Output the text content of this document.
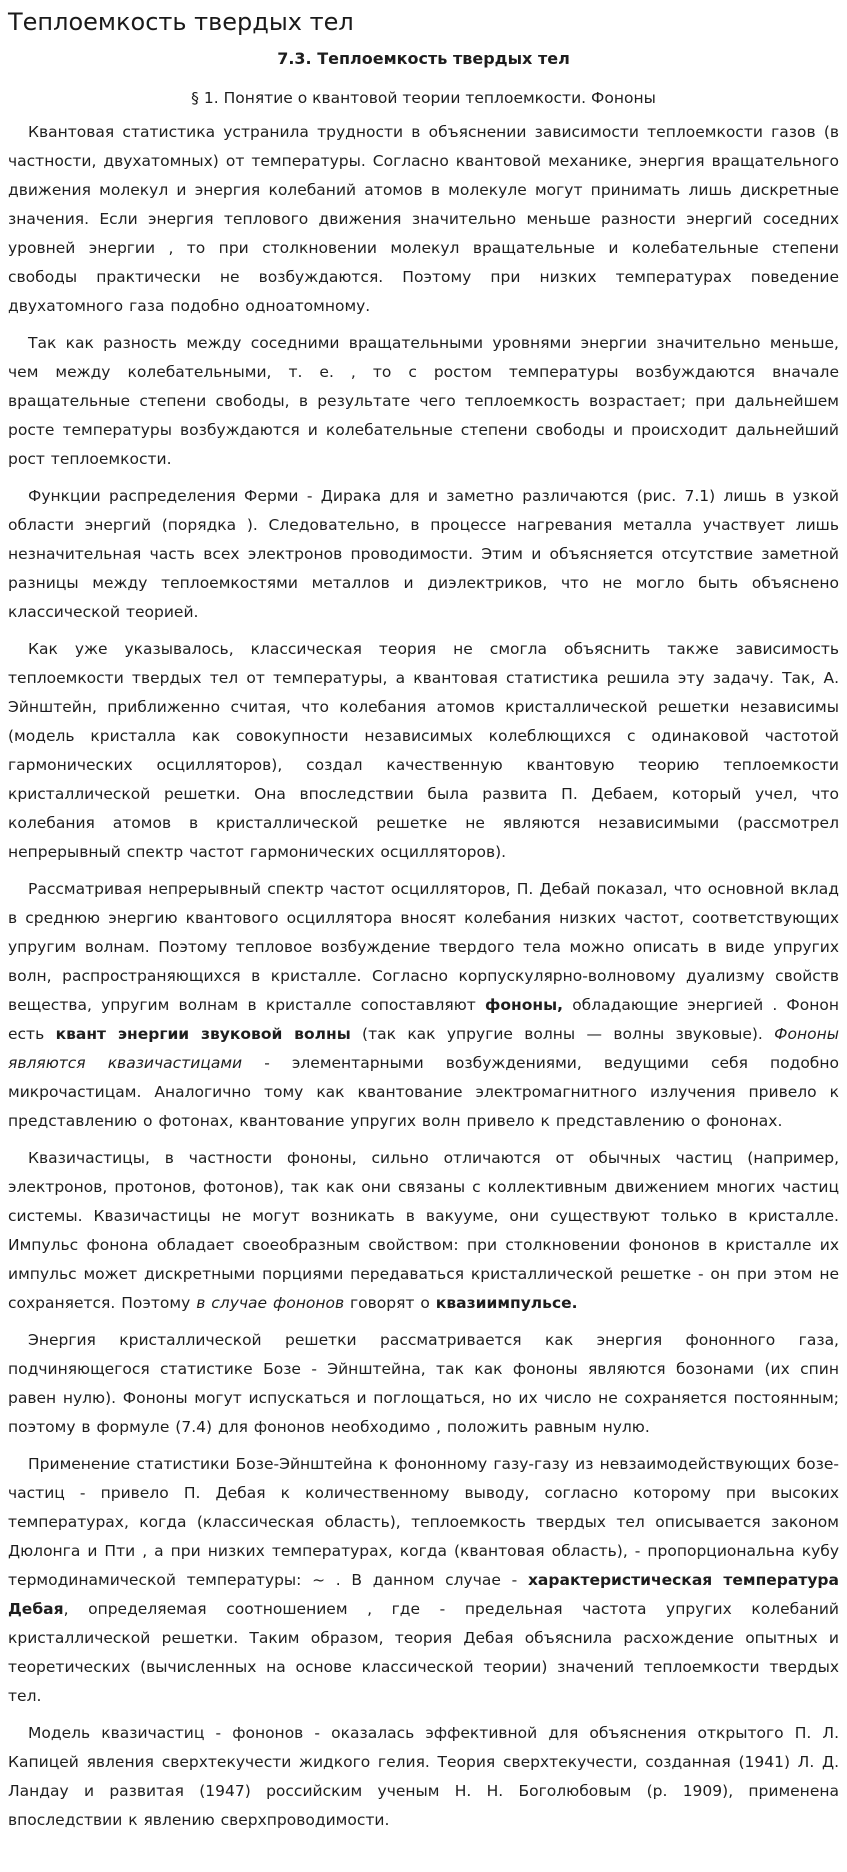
Теплоемкость твердых тел
7.3. Теплоемкость твердых тел
§ 1. Понятие о квантовой теории теплоемкости. Фононы

Квантовая статистика устранила трудности в объяснении зависимости теплоемкости газов (в частности, двухатомных) от температуры. Согласно квантовой механике, энергия вращательного движения молекул и энергия колебаний атомов в молекуле могут принимать лишь дискретные значения. Если энергия теплового движения значительно меньше разности энергий соседних уровней энергии , то при столкновении молекул вращательные и колебательные степени свободы практически не возбуждаются. Поэтому при низких температурах поведение двухатомного газа подобно одноатомному.

Так как разность между соседними вращательными уровнями энергии значительно меньше, чем между колебательными, т. е. , то с ростом температуры возбуждаются вначале вращательные степени свободы, в результате чего теплоемкость возрастает; при дальнейшем росте температуры возбуждаются и колебательные степени свободы и происходит дальнейший рост теплоемкости.

Функции распределения Ферми - Дирака для и заметно различаются (рис. 7.1) лишь в узкой области энергий (порядка ). Следовательно, в процессе нагревания металла участвует лишь незначительная часть всех электронов проводимости. Этим и объясняется отсутствие заметной разницы между теплоемкостями металлов и диэлектриков, что не могло быть объяснено классической теорией.

Как уже указывалось, классическая теория не смогла объяснить также зависимость теплоемкости твердых тел от температуры, а квантовая статистика решила эту задачу. Так, А. Эйнштейн, приближенно считая, что колебания атомов кристаллической решетки независимы (модель кристалла как совокупности независимых колеблющихся с одинаковой частотой гармонических осцилляторов), создал качественную квантовую теорию теплоемкости кристаллической решетки. Она впоследствии была развита П. Дебаем, который учел, что колебания атомов в кристаллической решетке не являются независимыми (рассмотрел непрерывный спектр частот гармонических осцилляторов).

Рассматривая непрерывный спектр частот осцилляторов, П. Дебай показал, что основной вклад в среднюю энергию квантового осциллятора вносят колебания низких частот, соответствующих упругим волнам. Поэтому тепловое возбуждение твердого тела можно описать в виде упругих волн, распространяющихся в кристалле. Согласно корпускулярно-волновому дуализму свойств вещества, упругим волнам в кристалле сопоставляют фононы, обладающие энергией . Фонон есть квант энергии звуковой волны (так как упругие волны — волны звуковые). Фононы являются квазичастицами - элементарными возбуждениями, ведущими себя подобно микрочастицам. Аналогично тому как квантование электромагнитного излучения привело к представлению о фотонах, квантование упругих волн привело к представлению о фононах.

Квазичастицы, в частности фононы, сильно отличаются от обычных частиц (например, электронов, протонов, фотонов), так как они связаны с коллективным движением многих частиц системы. Квазичастицы не могут возникать в вакууме, они существуют только в кристалле. Импульс фонона обладает своеобразным свойством: при столкновении фононов в кристалле их импульс может дискретными порциями передаваться кристаллической решетке - он при этом не сохраняется. Поэтому в случае фононов говорят о квазиимпульсе.

Энергия кристаллической решетки рассматривается как энергия фононного газа, подчиняющегося статистике Бозе - Эйнштейна, так как фононы являются бозонами (их спин равен нулю). Фононы могут испускаться и поглощаться, но их число не сохраняется постоянным; поэтому в формуле (7.4) для фононов необходимо , положить равным нулю.

Применение статистики Бозе-Эйнштейна к фононному газу-газу из невзаимодействующих бозе-частиц - привело П. Дебая к количественному выводу, согласно которому при высоких температурах, когда (классическая область), теплоемкость твердых тел описывается законом Дюлонга и Пти , а при низких температурах, когда (квантовая область), - пропорциональна кубу термодинамической температуры: ~ . В данном случае - характеристическая температура Дебая, определяемая соотношением , где - предельная частота упругих колебаний кристаллической решетки. Таким образом, теория Дебая объяснила расхождение опытных и теоретических (вычисленных на основе классической теории) значений теплоемкости твердых тел.

Модель квазичастиц - фононов - оказалась эффективной для объяснения открытого П. Л. Капицей явления сверхтекучести жидкого гелия. Теория сверхтекучести, созданная (1941) Л. Д. Ландау и развитая (1947) российским ученым Н. Н. Боголюбовым (р. 1909), применена впоследствии к явлению сверхпроводимости.
